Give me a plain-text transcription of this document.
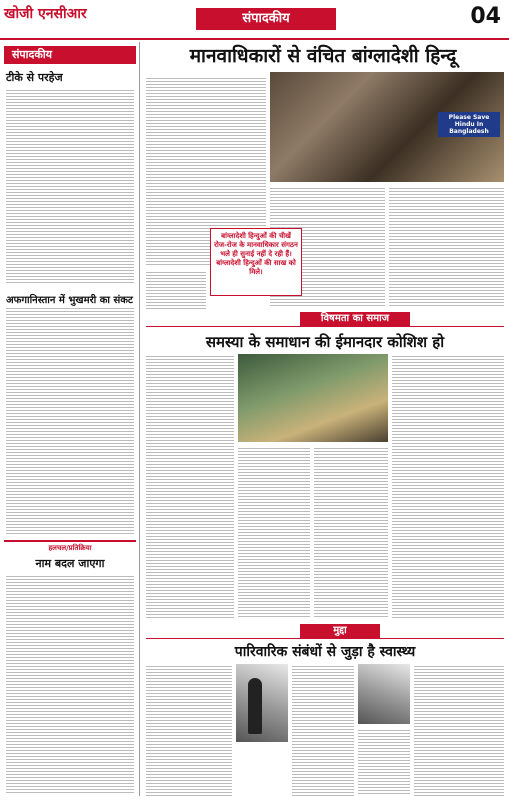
खोजी एनसीआर	संपादकीय	04
संपादकीय
टीके से परहेज
अफगानिस्तान में भुखमरी का संकट
हलचल/प्रतिक्रिया
नाम बदल जाएगा
मानवाधिकारों से वंचित बांग्लादेशी हिन्दू
Please Save Hindu In Bangladesh
बांग्लादेशी हिन्दुओं की चीखें रोज-रोज के मानवाधिकार संगठन भले ही सुनाई नहीं दे रही हैं। बांग्लादेशी हिन्दुओं की साख को मिले।
विषमता का समाज
समस्या के समाधान की ईमानदार कोशिश हो
मुद्दा
पारिवारिक संबंधों से जुड़ा है स्वास्थ्य
